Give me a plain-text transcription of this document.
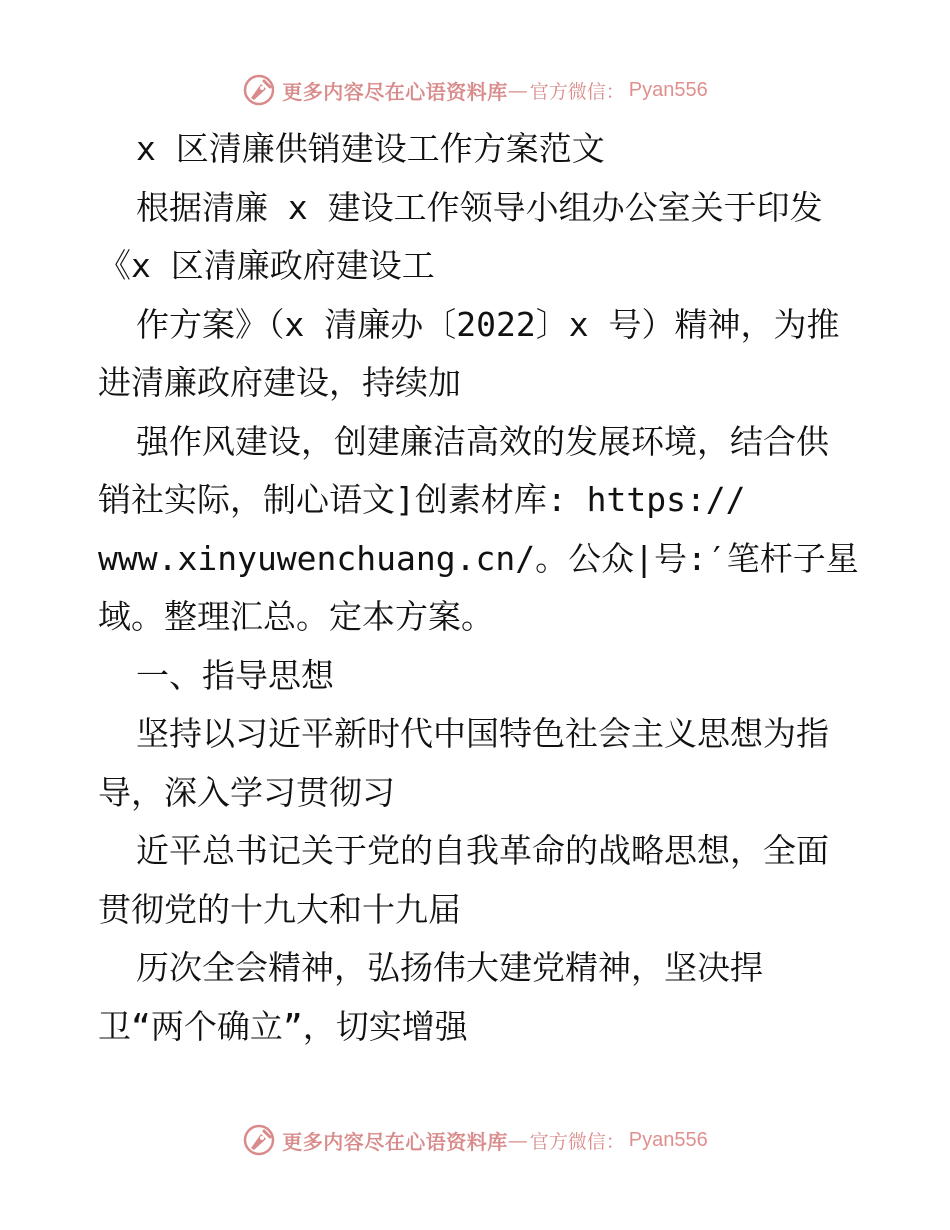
更多内容尽在心语资料库 — 官方微信： Pyan556
x 区清廉供销建设工作方案范文
根据清廉 x 建设工作领导小组办公室关于印发
《x 区清廉政府建设工
作方案》（x 清廉办〔2022〕x 号）精神，为推
进清廉政府建设，持续加
强作风建设，创建廉洁高效的发展环境，结合供
销社实际，制心语文]创素材库: https://
www.xinyuwenchuang.cn/。公众|号:′笔杆子星
域。整理汇总。定本方案。
一、指导思想
坚持以习近平新时代中国特色社会主义思想为指
导，深入学习贯彻习
近平总书记关于党的自我革命的战略思想，全面
贯彻党的十九大和十九届
历次全会精神，弘扬伟大建党精神，坚决捍
卫“两个确立”，切实增强
更多内容尽在心语资料库 — 官方微信： Pyan556
